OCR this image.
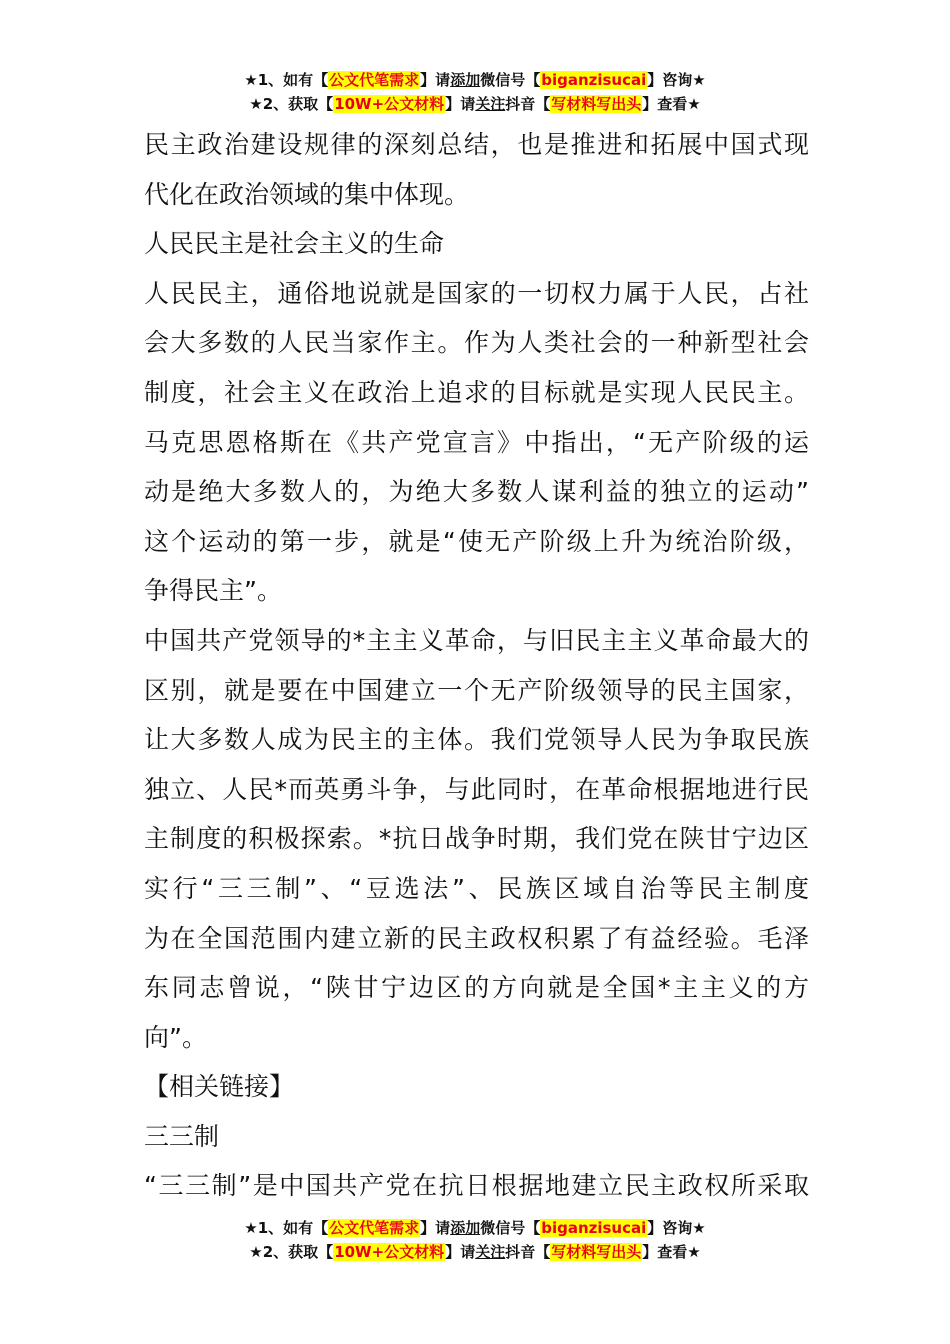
★1、如有【公文代笔需求】请添加微信号【biganzisucai】咨询★
★2、获取【10W+公文材料】请关注抖音【写材料写出头】查看★
民主政治建设规律的深刻总结，也是推进和拓展中国式现
代化在政治领域的集中体现。
人民民主是社会主义的生命
人民民主，通俗地说就是国家的一切权力属于人民，占社
会大多数的人民当家作主。作为人类社会的一种新型社会
制度，社会主义在政治上追求的目标就是实现人民民主。
马克思恩格斯在《共产党宣言》中指出，“无产阶级的运
动是绝大多数人的，为绝大多数人谋利益的独立的运动”
这个运动的第一步，就是“使无产阶级上升为统治阶级，
争得民主”。
中国共产党领导的*主主义革命，与旧民主主义革命最大的
区别，就是要在中国建立一个无产阶级领导的民主国家，
让大多数人成为民主的主体。我们党领导人民为争取民族
独立、人民*而英勇斗争，与此同时，在革命根据地进行民
主制度的积极探索。*抗日战争时期，我们党在陕甘宁边区
实行“三三制”、“豆选法”、民族区域自治等民主制度
为在全国范围内建立新的民主政权积累了有益经验。毛泽
东同志曾说，“陕甘宁边区的方向就是全国*主主义的方
向”。
【相关链接】
三三制
“三三制”是中国共产党在抗日根据地建立民主政权所采取
★1、如有【公文代笔需求】请添加微信号【biganzisucai】咨询★
★2、获取【10W+公文材料】请关注抖音【写材料写出头】查看★
